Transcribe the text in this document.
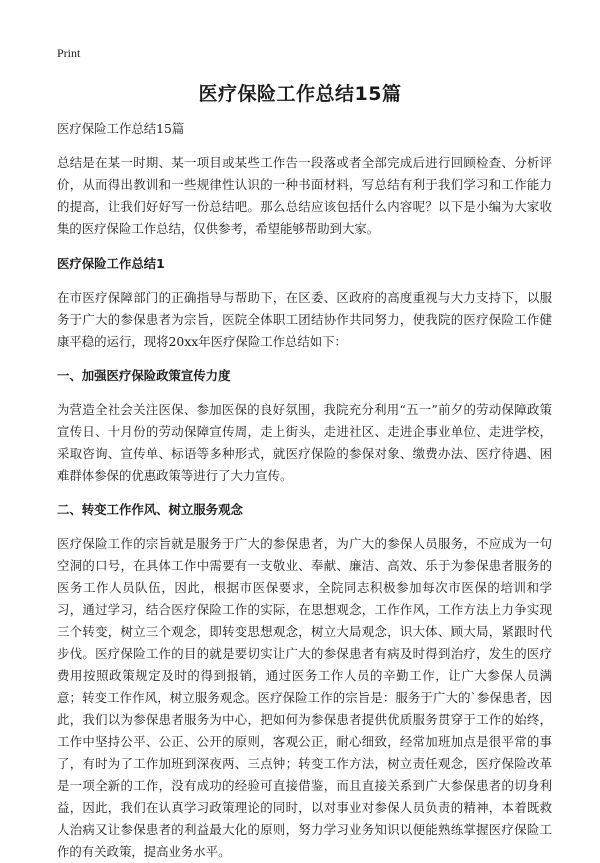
Print
医疗保险工作总结15篇

医疗保险工作总结15篇

总结是在某一时期、某一项目或某些工作告一段落或者全部完成后进行回顾检查、分析评价，从而得出教训和一些规律性认识的一种书面材料，写总结有利于我们学习和工作能力的提高，让我们好好写一份总结吧。那么总结应该包括什么内容呢？以下是小编为大家收集的医疗保险工作总结，仅供参考，希望能够帮助到大家。

医疗保险工作总结1

在市医疗保障部门的正确指导与帮助下，在区委、区政府的高度重视与大力支持下，以服务于广大的参保患者为宗旨，医院全体职工团结协作共同努力，使我院的医疗保险工作健康平稳的运行，现将20xx年医疗保险工作总结如下：

一、加强医疗保险政策宣传力度

为营造全社会关注医保、参加医保的良好氛围，我院充分利用“五一”前夕的劳动保障政策宣传日、十月份的劳动保障宣传周，走上街头，走进社区、走进企事业单位、走进学校，采取咨询、宣传单、标语等多种形式，就医疗保险的参保对象、缴费办法、医疗待遇、困难群体参保的优惠政策等进行了大力宣传。

二、转变工作作风、树立服务观念

医疗保险工作的宗旨就是服务于广大的参保患者，为广大的参保人员服务，不应成为一句空洞的口号，在具体工作中需要有一支敬业、奉献、廉洁、高效、乐于为参保患者服务的医务工作人员队伍，因此，根据市医保要求，全院同志积极参加每次市医保的培训和学习，通过学习，结合医疗保险工作的实际，在思想观念，工作作风，工作方法上力争实现三个转变，树立三个观念，即转变思想观念，树立大局观念，识大体、顾大局，紧跟时代步伐。医疗保险工作的目的就是要切实让广大的参保患者有病及时得到治疗，发生的医疗费用按照政策规定及时的得到报销，通过医务工作人员的辛勤工作，让广大参保人员满意；转变工作作风，树立服务观念。医疗保险工作的宗旨是：服务于广大的`参保患者，因此，我们以为参保患者服务为中心，把如何为参保患者提供优质服务贯穿于工作的始终，工作中坚持公平、公正、公开的原则，客观公正，耐心细致，经常加班加点是很平常的事了，有时为了工作加班到深夜两、三点钟；转变工作方法，树立责任观念，医疗保险改革是一项全新的工作，没有成功的经验可直接借鉴，而且直接关系到广大参保患者的切身利益，因此，我们在认真学习政策理论的同时，以对事业对参保人员负责的精神，本着既救人治病又让参保患者的利益最大化的原则，努力学习业务知识以便能熟练掌握医疗保险工作的有关政策，提高业务水平。
